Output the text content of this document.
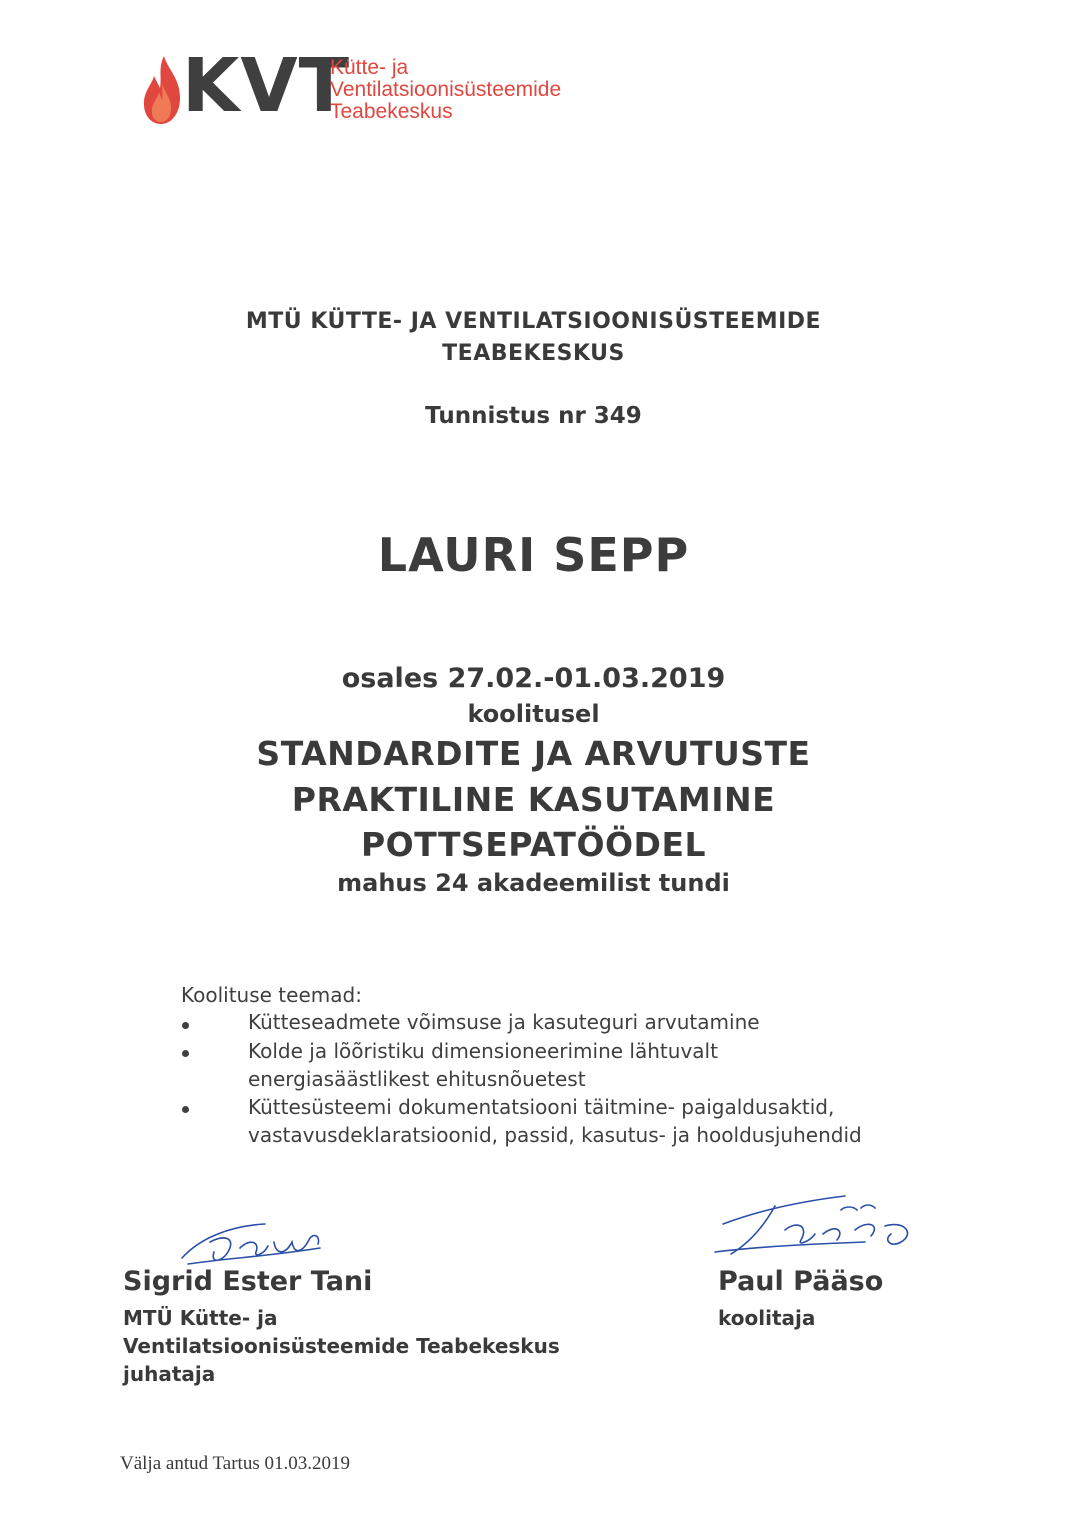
KVT
Kütte- ja
Ventilatsioonisüsteemide
Teabekeskus
MTÜ KÜTTE- JA VENTILATSIOONISÜSTEEMIDE
TEABEKESKUS
Tunnistus nr 349
LAURI SEPP
osales 27.02.-01.03.2019
koolitusel
STANDARDITE JA ARVUTUSTE
PRAKTILINE KASUTAMINE
POTTSEPATÖÖDEL
mahus 24 akadeemilist tundi
Koolituse teemad:
Kütteseadmete võimsuse ja kasuteguri arvutamine
Kolde ja lõõristiku dimensioneerimine lähtuvalt
energiasäästlikest ehitusnõuetest
Küttesüsteemi dokumentatsiooni täitmine- paigaldusaktid,
vastavusdeklaratsioonid, passid, kasutus- ja hooldusjuhendid
Sigrid Ester Tani
MTÜ Kütte- ja
Ventilatsioonisüsteemide Teabekeskus
juhataja
Paul Pääso
koolitaja
Välja antud Tartus 01.03.2019
